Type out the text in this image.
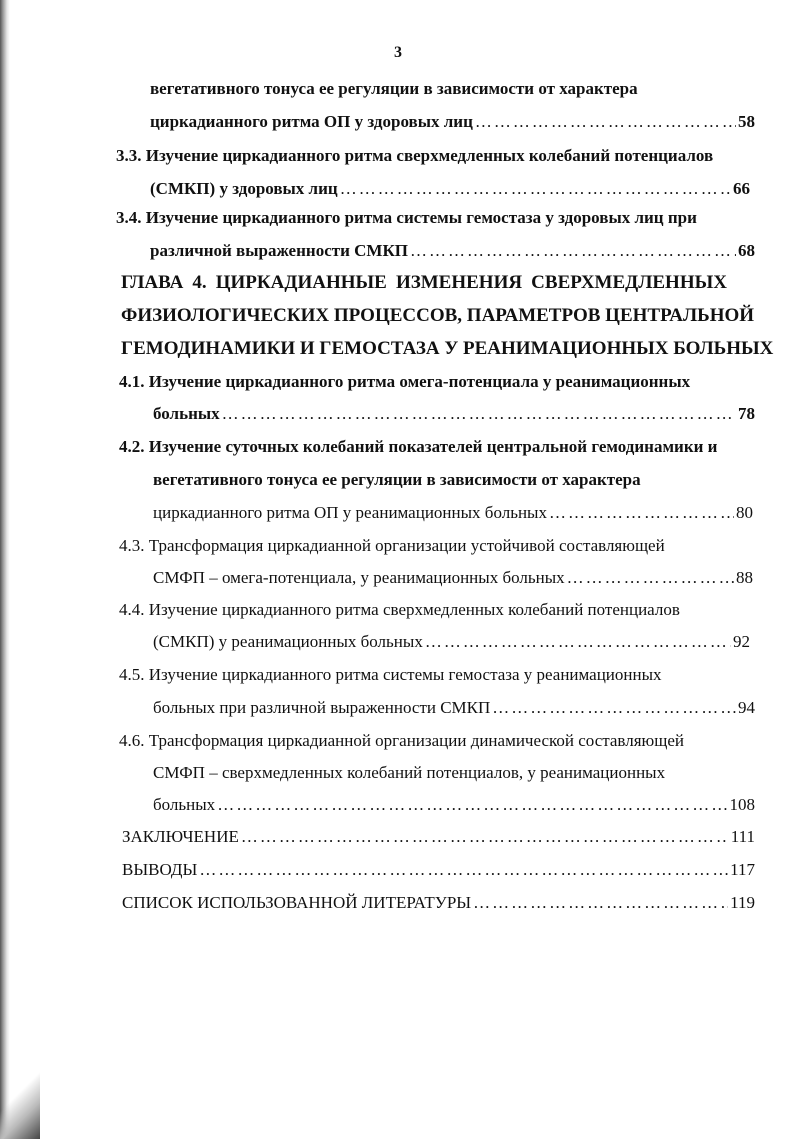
3
вегетативного тонуса ее регуляции в зависимости от характера
циркадианного ритма ОП у здоровых лиц …………………………………………………………………………………………………………………………………	58
3.3. Изучение циркадианного ритма сверхмедленных колебаний потенциалов
(СМКП) у здоровых лиц …………………………………………………………………………………………………………………………………	66
3.4. Изучение циркадианного ритма системы гемостаза у здоровых лиц при
различной выраженности СМКП …………………………………………………………………………………………………………………………………	68
ГЛАВА 4. ЦИРКАДИАННЫЕ ИЗМЕНЕНИЯ СВЕРХМЕДЛЕННЫХ
ФИЗИОЛОГИЧЕСКИХ ПРОЦЕССОВ, ПАРАМЕТРОВ ЦЕНТРАЛЬНОЙ
ГЕМОДИНАМИКИ И ГЕМОСТАЗА У РЕАНИМАЦИОННЫХ БОЛЬНЫХ
4.1. Изучение циркадианного ритма омега-потенциала у реанимационных
больных …………………………………………………………………………………………………………………………………	78
4.2. Изучение суточных колебаний показателей центральной гемодинамики и
вегетативного тонуса ее регуляции в зависимости от характера
циркадианного ритма ОП у реанимационных больных …………………………………………………………………………………………………………………………………	80
4.3. Трансформация циркадианной организации устойчивой составляющей
СМФП – омега-потенциала, у реанимационных больных …………………………………………………………………………………………………………………………………	88
4.4. Изучение циркадианного ритма сверхмедленных колебаний потенциалов
(СМКП) у реанимационных больных …………………………………………………………………………………………………………………………………	92
4.5. Изучение циркадианного ритма системы гемостаза у реанимационных
больных при различной выраженности СМКП …………………………………………………………………………………………………………………………………	94
4.6. Трансформация циркадианной организации динамической составляющей
СМФП – сверхмедленных колебаний потенциалов, у реанимационных
больных …………………………………………………………………………………………………………………………………	108
ЗАКЛЮЧЕНИЕ …………………………………………………………………………………………………………………………………	111
ВЫВОДЫ …………………………………………………………………………………………………………………………………	117
СПИСОК ИСПОЛЬЗОВАННОЙ ЛИТЕРАТУРЫ …………………………………………………………………………………………………………………………………	119
